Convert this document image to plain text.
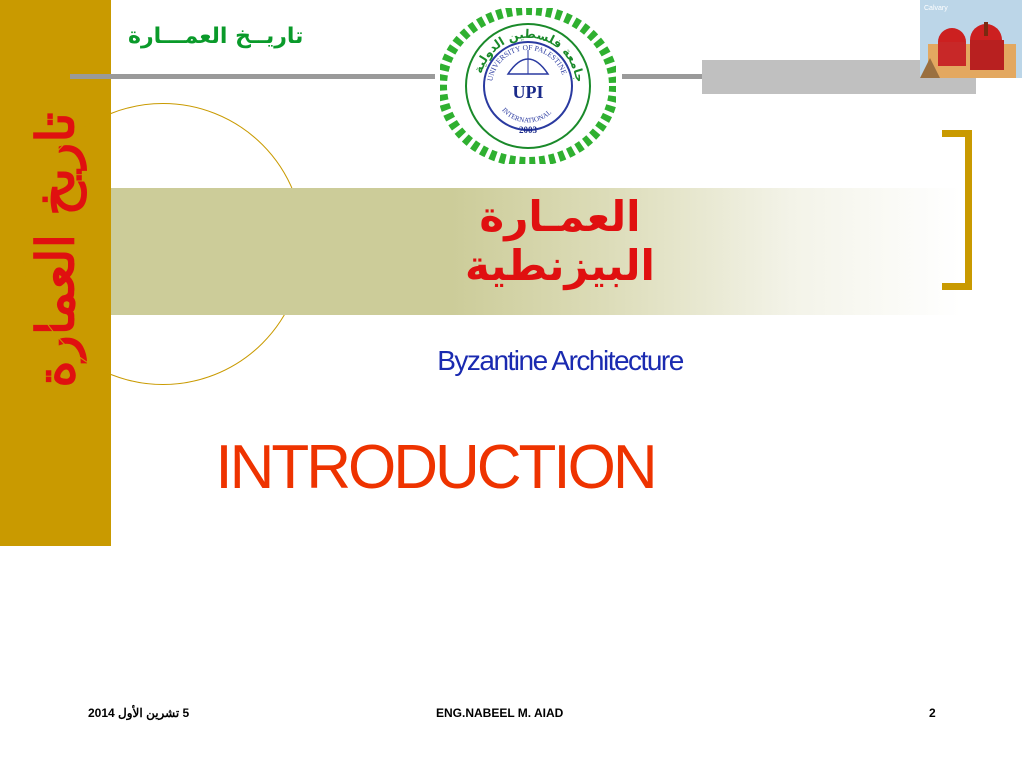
تاريخ العمارة
تاريــخ العمـــارة
العمـارة البيزنطية
Byzantine Architecture
INTRODUCTION
جامعة فلسطين الدولية
UNIVERSITY OF PALESTINE
INTERNATIONAL
UPI
2003
Calvary
5 تشرين الأول 2014	ENG.NABEEL M. AIAD	2
